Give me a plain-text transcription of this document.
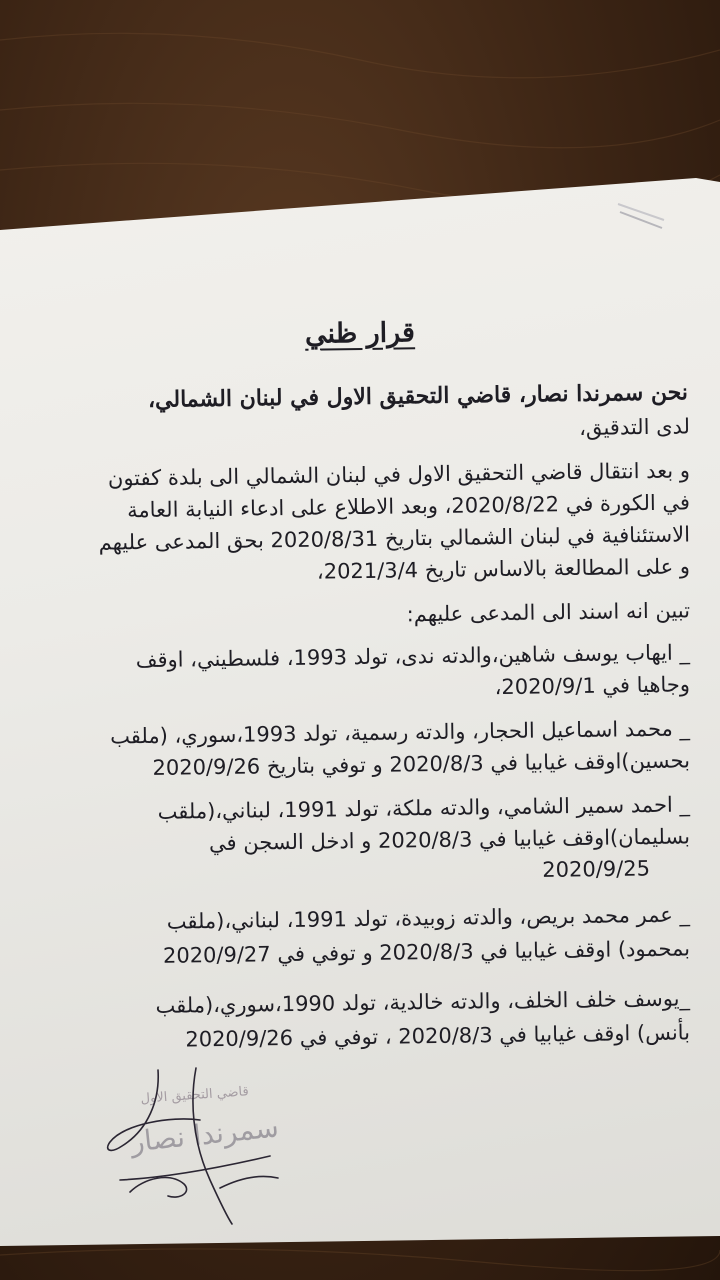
قرار ظني

نحن سمرندا نصار، قاضي التحقيق الاول في لبنان الشمالي،

لدى التدقيق،

و بعد انتقال قاضي التحقيق الاول في لبنان الشمالي الى بلدة كفتون

في الكورة في 2020/8/22، وبعد الاطلاع على ادعاء النيابة العامة

الاستئنافية في لبنان الشمالي بتاريخ 2020/8/31 بحق المدعى عليهم

و على المطالعة بالاساس تاريخ 2021/3/4،

تبين انه اسند الى المدعى عليهم:

_ ايهاب يوسف شاهين،والدته ندى، تولد 1993، فلسطيني، اوقف

وجاهيا في 2020/9/1،

_ محمد اسماعيل الحجار، والدته رسمية، تولد 1993،سوري، (ملقب

بحسين)اوقف غيابيا في 2020/8/3 و توفي بتاريخ 2020/9/26

_ احمد سمير الشامي، والدته ملكة، تولد 1991، لبناني،(ملقب

بسليمان)اوقف غيابيا في 2020/8/3 و ادخل السجن في

2020/9/25

_ عمر محمد بريص، والدته زوبيدة، تولد 1991، لبناني،(ملقب

بمحمود) اوقف غيابيا في 2020/8/3 و توفي في 2020/9/27

_يوسف خلف الخلف، والدته خالدية، تولد 1990،سوري،(ملقب

بأنس) اوقف غيابيا في 2020/8/3 ، توفي في 2020/9/26

قاضي التحقيق الاول
سمرندا نصار
